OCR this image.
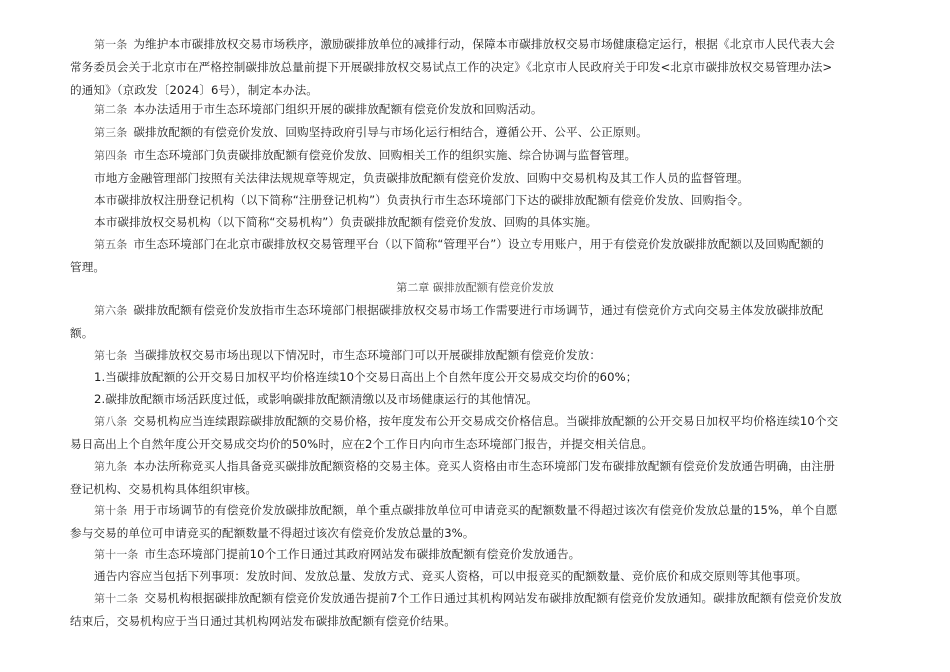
第一条 为维护本市碳排放权交易市场秩序，激励碳排放单位的减排行动，保障本市碳排放权交易市场健康稳定运行，根据《北京市人民代表大会
常务委员会关于北京市在严格控制碳排放总量前提下开展碳排放权交易试点工作的决定》《北京市人民政府关于印发<北京市碳排放权交易管理办法>
的通知》（京政发〔2024〕6号），制定本办法。
第二条 本办法适用于市生态环境部门组织开展的碳排放配额有偿竞价发放和回购活动。
第三条 碳排放配额的有偿竞价发放、回购坚持政府引导与市场化运行相结合，遵循公开、公平、公正原则。
第四条 市生态环境部门负责碳排放配额有偿竞价发放、回购相关工作的组织实施、综合协调与监督管理。
市地方金融管理部门按照有关法律法规规章等规定，负责碳排放配额有偿竞价发放、回购中交易机构及其工作人员的监督管理。
本市碳排放权注册登记机构（以下简称“注册登记机构”）负责执行市生态环境部门下达的碳排放配额有偿竞价发放、回购指令。
本市碳排放权交易机构（以下简称“交易机构”）负责碳排放配额有偿竞价发放、回购的具体实施。
第五条 市生态环境部门在北京市碳排放权交易管理平台（以下简称“管理平台”）设立专用账户，用于有偿竞价发放碳排放配额以及回购配额的
管理。
第二章 碳排放配额有偿竞价发放
第六条 碳排放配额有偿竞价发放指市生态环境部门根据碳排放权交易市场工作需要进行市场调节，通过有偿竞价方式向交易主体发放碳排放配
额。
第七条 当碳排放权交易市场出现以下情况时，市生态环境部门可以开展碳排放配额有偿竞价发放：
1.当碳排放配额的公开交易日加权平均价格连续10个交易日高出上个自然年度公开交易成交均价的60%；
2.碳排放配额市场活跃度过低，或影响碳排放配额清缴以及市场健康运行的其他情况。
第八条 交易机构应当连续跟踪碳排放配额的交易价格，按年度发布公开交易成交价格信息。当碳排放配额的公开交易日加权平均价格连续10个交
易日高出上个自然年度公开交易成交均价的50%时，应在2个工作日内向市生态环境部门报告，并提交相关信息。
第九条 本办法所称竞买人指具备竞买碳排放配额资格的交易主体。竞买人资格由市生态环境部门发布碳排放配额有偿竞价发放通告明确，由注册
登记机构、交易机构具体组织审核。
第十条 用于市场调节的有偿竞价发放碳排放配额，单个重点碳排放单位可申请竞买的配额数量不得超过该次有偿竞价发放总量的15%，单个自愿
参与交易的单位可申请竞买的配额数量不得超过该次有偿竞价发放总量的3%。
第十一条 市生态环境部门提前10个工作日通过其政府网站发布碳排放配额有偿竞价发放通告。
通告内容应当包括下列事项：发放时间、发放总量、发放方式、竞买人资格，可以申报竞买的配额数量、竞价底价和成交原则等其他事项。
第十二条 交易机构根据碳排放配额有偿竞价发放通告提前7个工作日通过其机构网站发布碳排放配额有偿竞价发放通知。碳排放配额有偿竞价发放
结束后，交易机构应于当日通过其机构网站发布碳排放配额有偿竞价结果。
